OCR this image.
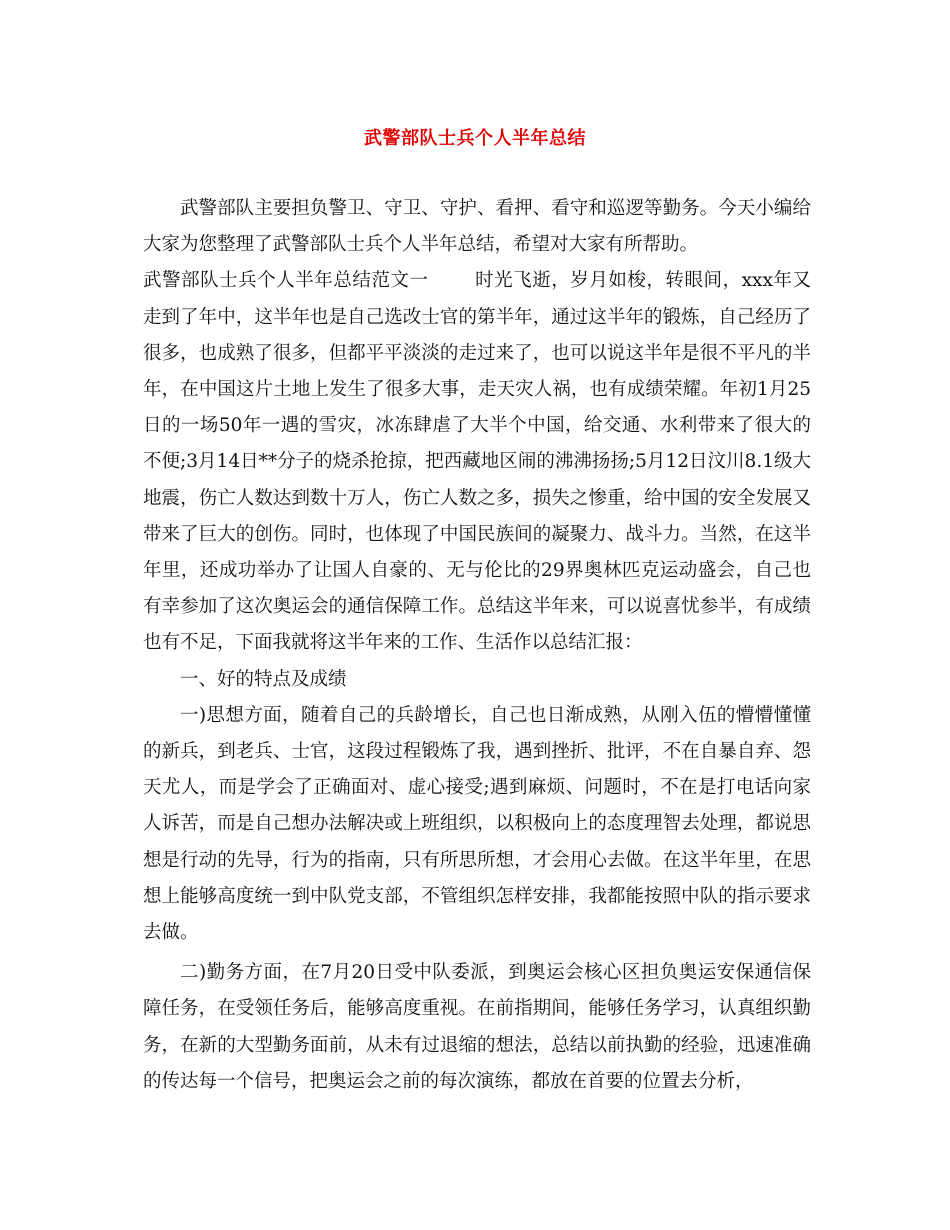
武警部队士兵个人半年总结

武警部队主要担负警卫、守卫、守护、看押、看守和巡逻等勤务。今天小编给大家为您整理了武警部队士兵个人半年总结，希望对大家有所帮助。

武警部队士兵个人半年总结范文一 时光飞逝，岁月如梭，转眼间，xxx年又走到了年中，这半年也是自己选改士官的第半年，通过这半年的锻炼，自己经历了很多，也成熟了很多，但都平平淡淡的走过来了，也可以说这半年是很不平凡的半年，在中国这片土地上发生了很多大事，走天灾人祸，也有成绩荣耀。年初1月25日的一场50年一遇的雪灾，冰冻肆虐了大半个中国，给交通、水利带来了很大的不便;3月14日**分子的烧杀抢掠，把西藏地区闹的沸沸扬扬;5月12日汶川8.1级大地震，伤亡人数达到数十万人，伤亡人数之多，损失之惨重，给中国的安全发展又带来了巨大的创伤。同时，也体现了中国民族间的凝聚力、战斗力。当然，在这半年里，还成功举办了让国人自豪的、无与伦比的29界奥林匹克运动盛会，自己也有幸参加了这次奥运会的通信保障工作。总结这半年来，可以说喜忧参半，有成绩也有不足，下面我就将这半年来的工作、生活作以总结汇报：

一、好的特点及成绩

一)思想方面，随着自己的兵龄增长，自己也日渐成熟，从刚入伍的懵懵懂懂的新兵，到老兵、士官，这段过程锻炼了我，遇到挫折、批评，不在自暴自弃、怨天尤人，而是学会了正确面对、虚心接受;遇到麻烦、问题时，不在是打电话向家人诉苦，而是自己想办法解决或上班组织，以积极向上的态度理智去处理，都说思想是行动的先导，行为的指南，只有所思所想，才会用心去做。在这半年里，在思想上能够高度统一到中队党支部，不管组织怎样安排，我都能按照中队的指示要求去做。

二)勤务方面，在7月20日受中队委派，到奥运会核心区担负奥运安保通信保障任务，在受领任务后，能够高度重视。在前指期间，能够任务学习，认真组织勤务，在新的大型勤务面前，从未有过退缩的想法，总结以前执勤的经验，迅速准确的传达每一个信号，把奥运会之前的每次演练，都放在首要的位置去分析，
